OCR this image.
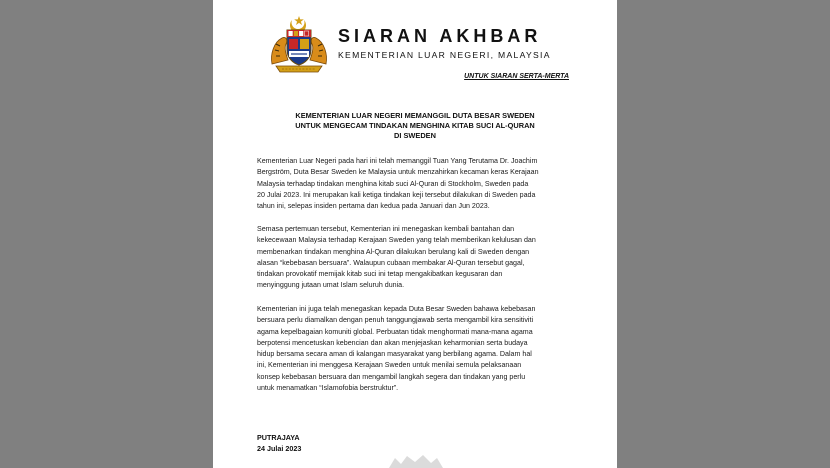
SIARAN AKHBAR
KEMENTERIAN LUAR NEGERI, MALAYSIA
UNTUK SIARAN SERTA-MERTA
KEMENTERIAN LUAR NEGERI MEMANGGIL DUTA BESAR SWEDEN
UNTUK MENGECAM TINDAKAN MENGHINA KITAB SUCI AL-QURAN
DI SWEDEN
Kementerian Luar Negeri pada hari ini telah memanggil Tuan Yang Terutama Dr. Joachim
Bergström, Duta Besar Sweden ke Malaysia untuk menzahirkan kecaman keras Kerajaan
Malaysia terhadap tindakan menghina kitab suci Al-Quran di Stockholm, Sweden pada
20 Julai 2023. Ini merupakan kali ketiga tindakan keji tersebut dilakukan di Sweden pada
tahun ini, selepas insiden pertama dan kedua pada Januari dan Jun 2023.
Semasa pertemuan tersebut, Kementerian ini menegaskan kembali bantahan dan
kekecewaan Malaysia terhadap Kerajaan Sweden yang telah memberikan kelulusan dan
membenarkan tindakan menghina Al-Quran dilakukan berulang kali di Sweden dengan
alasan “kebebasan bersuara”. Walaupun cubaan membakar Al-Quran tersebut gagal,
tindakan provokatif memijak kitab suci ini tetap mengakibatkan kegusaran dan
menyinggung jutaan umat Islam seluruh dunia.
Kementerian ini juga telah menegaskan kepada Duta Besar Sweden bahawa kebebasan
bersuara perlu diamalkan dengan penuh tanggungjawab serta mengambil kira sensitiviti
agama kepelbagaian komuniti global. Perbuatan tidak menghormati mana-mana agama
berpotensi mencetuskan kebencian dan akan menjejaskan keharmonian serta budaya
hidup bersama secara aman di kalangan masyarakat yang berbilang agama. Dalam hal
ini, Kementerian ini menggesa Kerajaan Sweden untuk menilai semula pelaksanaan
konsep kebebasan bersuara dan mengambil langkah segera dan tindakan yang perlu
untuk menamatkan “Islamofobia berstruktur”.
PUTRAJAYA
24 Julai 2023
